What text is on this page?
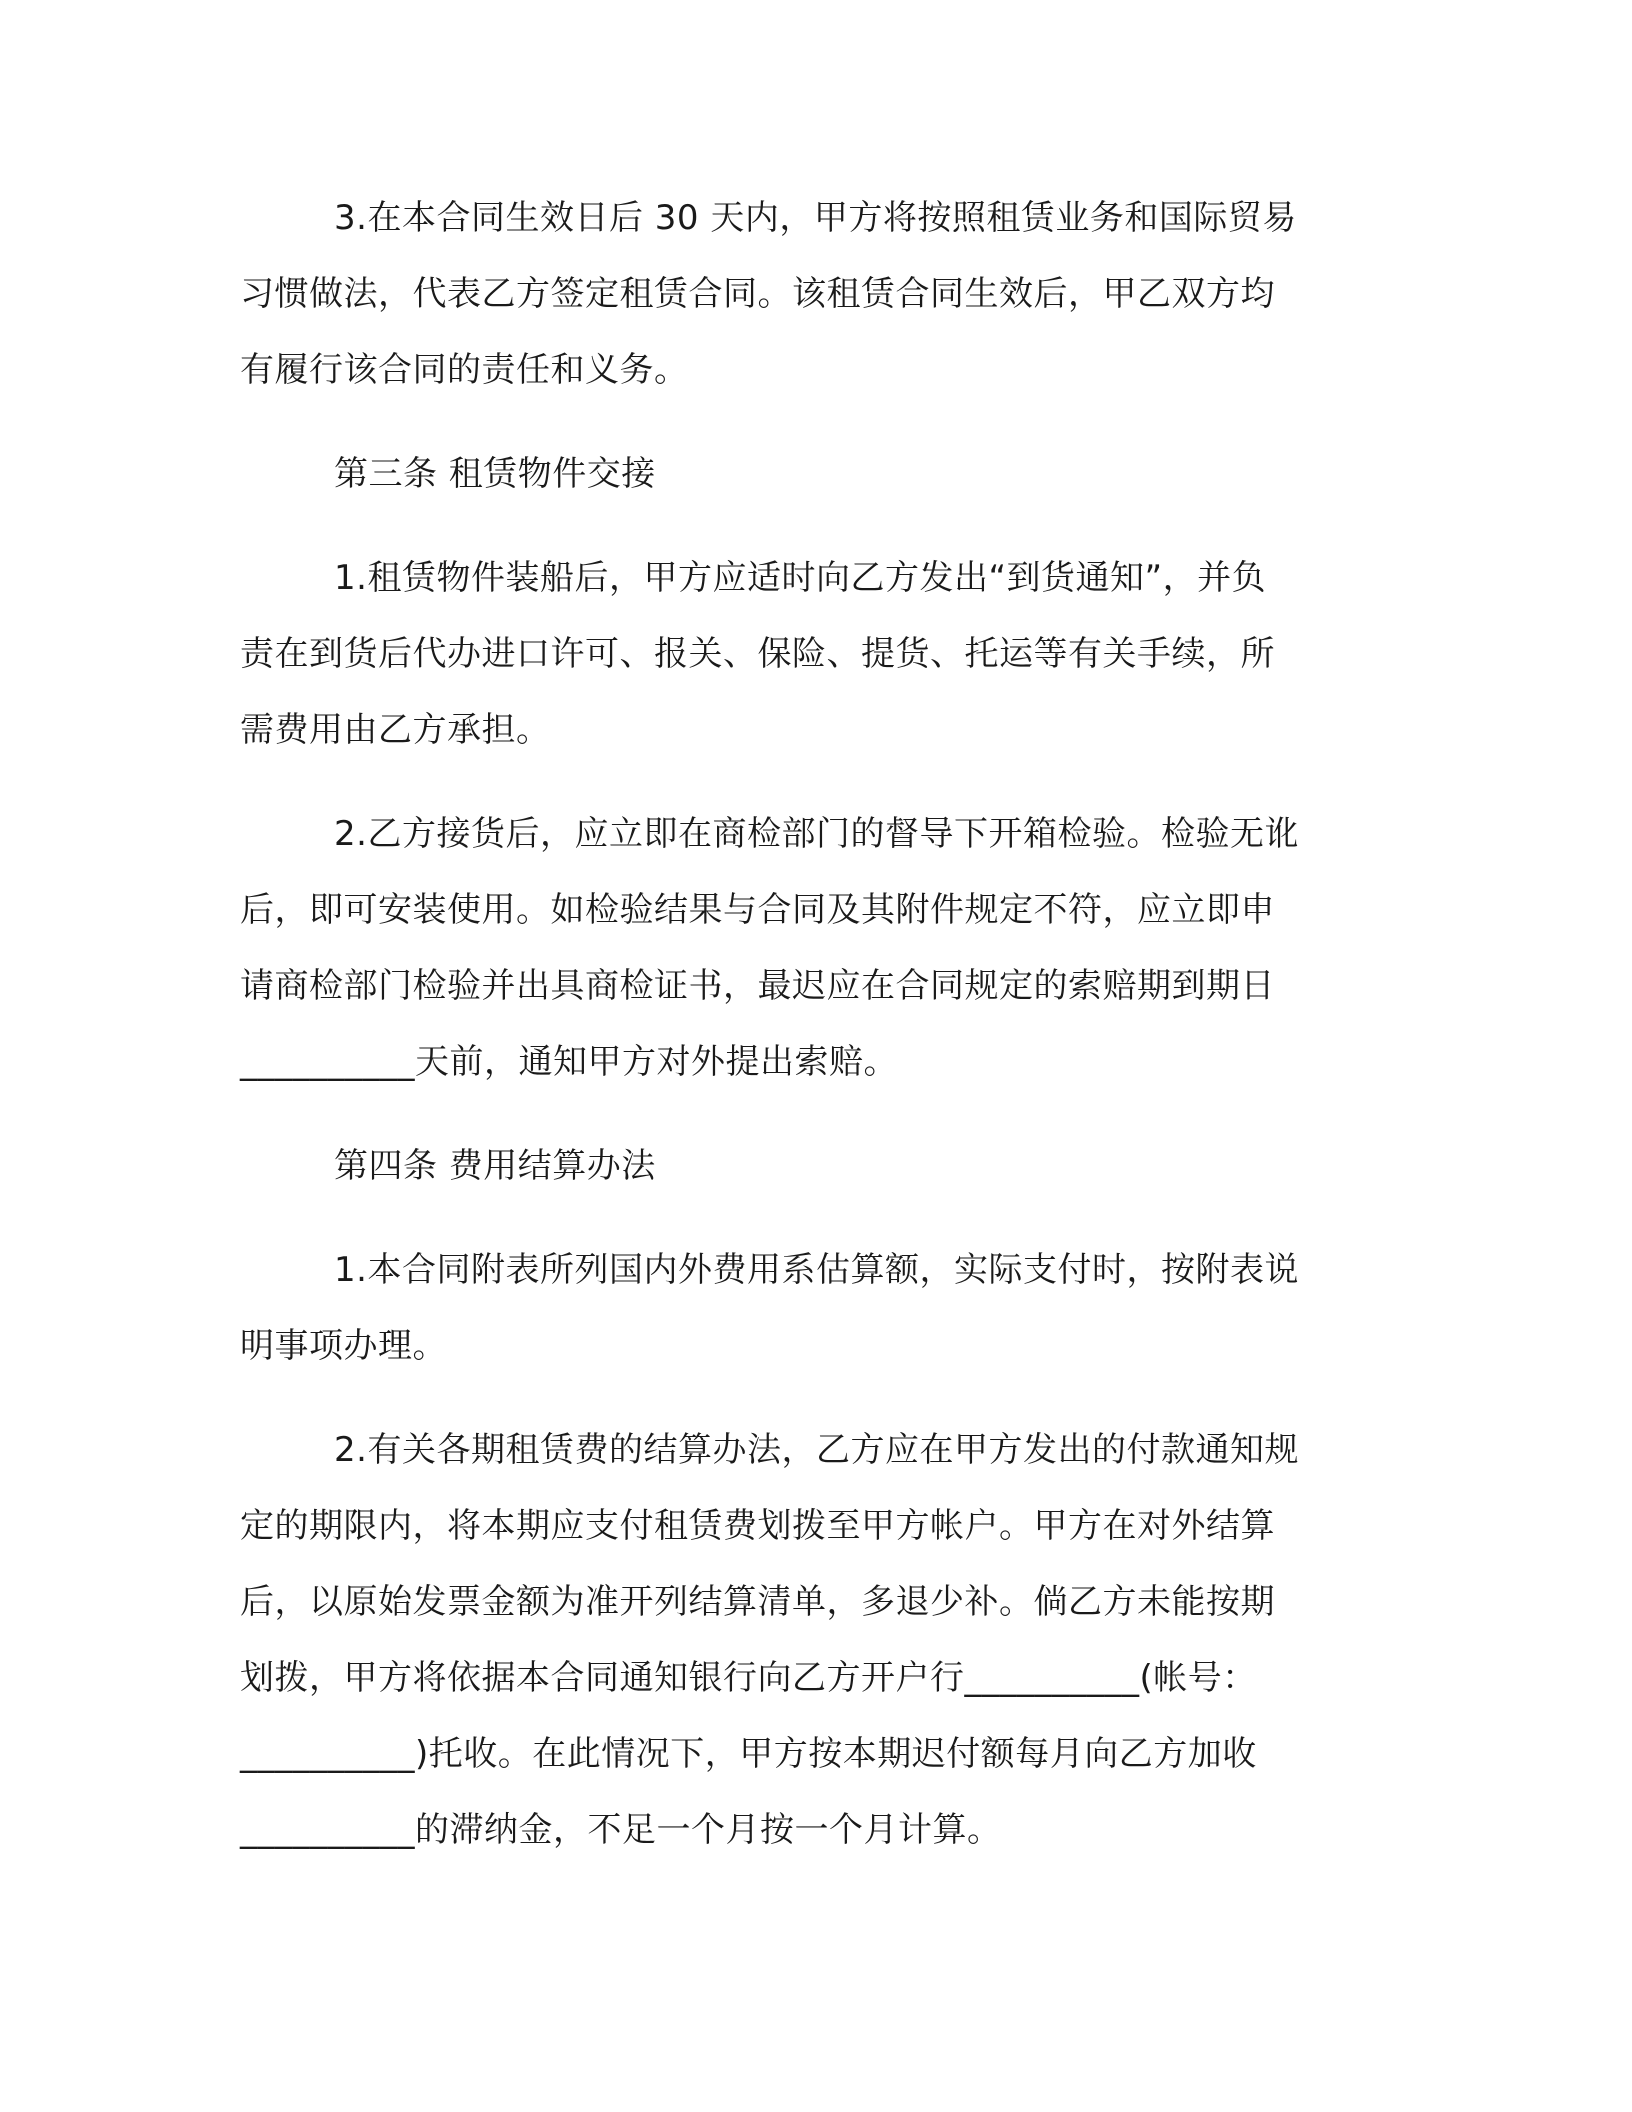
3.在本合同生效日后 30 天内，甲方将按照租赁业务和国际贸易
习惯做法，代表乙方签定租赁合同。该租赁合同生效后，甲乙双方均
有履行该合同的责任和义务。
第三条 租赁物件交接
1.租赁物件装船后，甲方应适时向乙方发出“到货通知”，并负
责在到货后代办进口许可、报关、保险、提货、托运等有关手续，所
需费用由乙方承担。
2.乙方接货后，应立即在商检部门的督导下开箱检验。检验无讹
后，即可安装使用。如检验结果与合同及其附件规定不符，应立即申
请商检部门检验并出具商检证书，最迟应在合同规定的索赔期到期日
__________天前，通知甲方对外提出索赔。
第四条 费用结算办法
1.本合同附表所列国内外费用系估算额，实际支付时，按附表说
明事项办理。
2.有关各期租赁费的结算办法，乙方应在甲方发出的付款通知规
定的期限内，将本期应支付租赁费划拨至甲方帐户。甲方在对外结算
后，以原始发票金额为准开列结算清单，多退少补。倘乙方未能按期
划拨，甲方将依据本合同通知银行向乙方开户行__________(帐号：
__________)托收。在此情况下，甲方按本期迟付额每月向乙方加收
__________的滞纳金，不足一个月按一个月计算。
